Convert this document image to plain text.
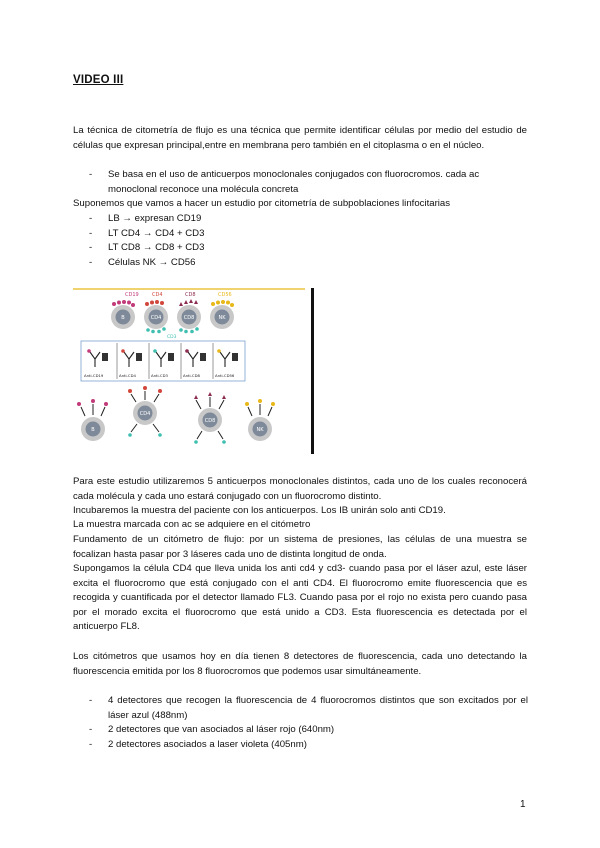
VIDEO III
La técnica de citometría de flujo es una técnica que permite identificar células por medio del estudio de células que expresan principal,entre en membrana pero también en el citoplasma o en el núcleo.
- Se basa en el uso de anticuerpos monoclonales conjugados con fluorocromos. cada ac monoclonal reconoce una molécula concreta
Suponemos que vamos a hacer un estudio por citometría de subpoblaciones linfocitarias
- LB → expresan CD19
- LT CD4 → CD4 + CD3
- LT CD8 → CD8 + CD3
- Células NK → CD56
CD19	CD4	CD8	CD56
B	CD4	CD8	NK
CD3
Anti-CD19	Anti-CD4	Anti-CD3	Anti-CD8	Anti-CD56
B
CD4
CD8
NK
Para este estudio utilizaremos 5 anticuerpos monoclonales distintos, cada uno de los cuales reconocerá cada molécula y cada uno estará conjugado con un fluorocromo distinto.
Incubaremos la muestra del paciente con los anticuerpos. Los IB unirán solo anti CD19.
La muestra marcada con ac se adquiere en el citómetro
Fundamento de un citómetro de flujo: por un sistema de presiones, las células de una muestra se focalizan hasta pasar por 3 láseres cada uno de distinta longitud de onda.
Supongamos la célula CD4 que lleva unida los anti cd4 y cd3- cuando pasa por el láser azul, este láser excita el fluorocromo que está conjugado con el anti CD4. El fluorocromo emite fluorescencia que es recogida y cuantificada por el detector llamado FL3. Cuando pasa por el rojo no exista pero cuando pasa por el morado excita el fluorocromo que está unido a CD3. Esta fluorescencia es detectada por el anticuerpo FL8.
Los citómetros que usamos hoy en día tienen 8 detectores de fluorescencia, cada uno detectando la fluorescencia emitida por los 8 fluorocromos que podemos usar simultáneamente.
- 4 detectores que recogen la fluorescencia de 4 fluorocromos distintos que son excitados por el láser azul (488nm)
- 2 detectores que van asociados al láser rojo (640nm)
- 2 detectores asociados a laser violeta (405nm)
1
